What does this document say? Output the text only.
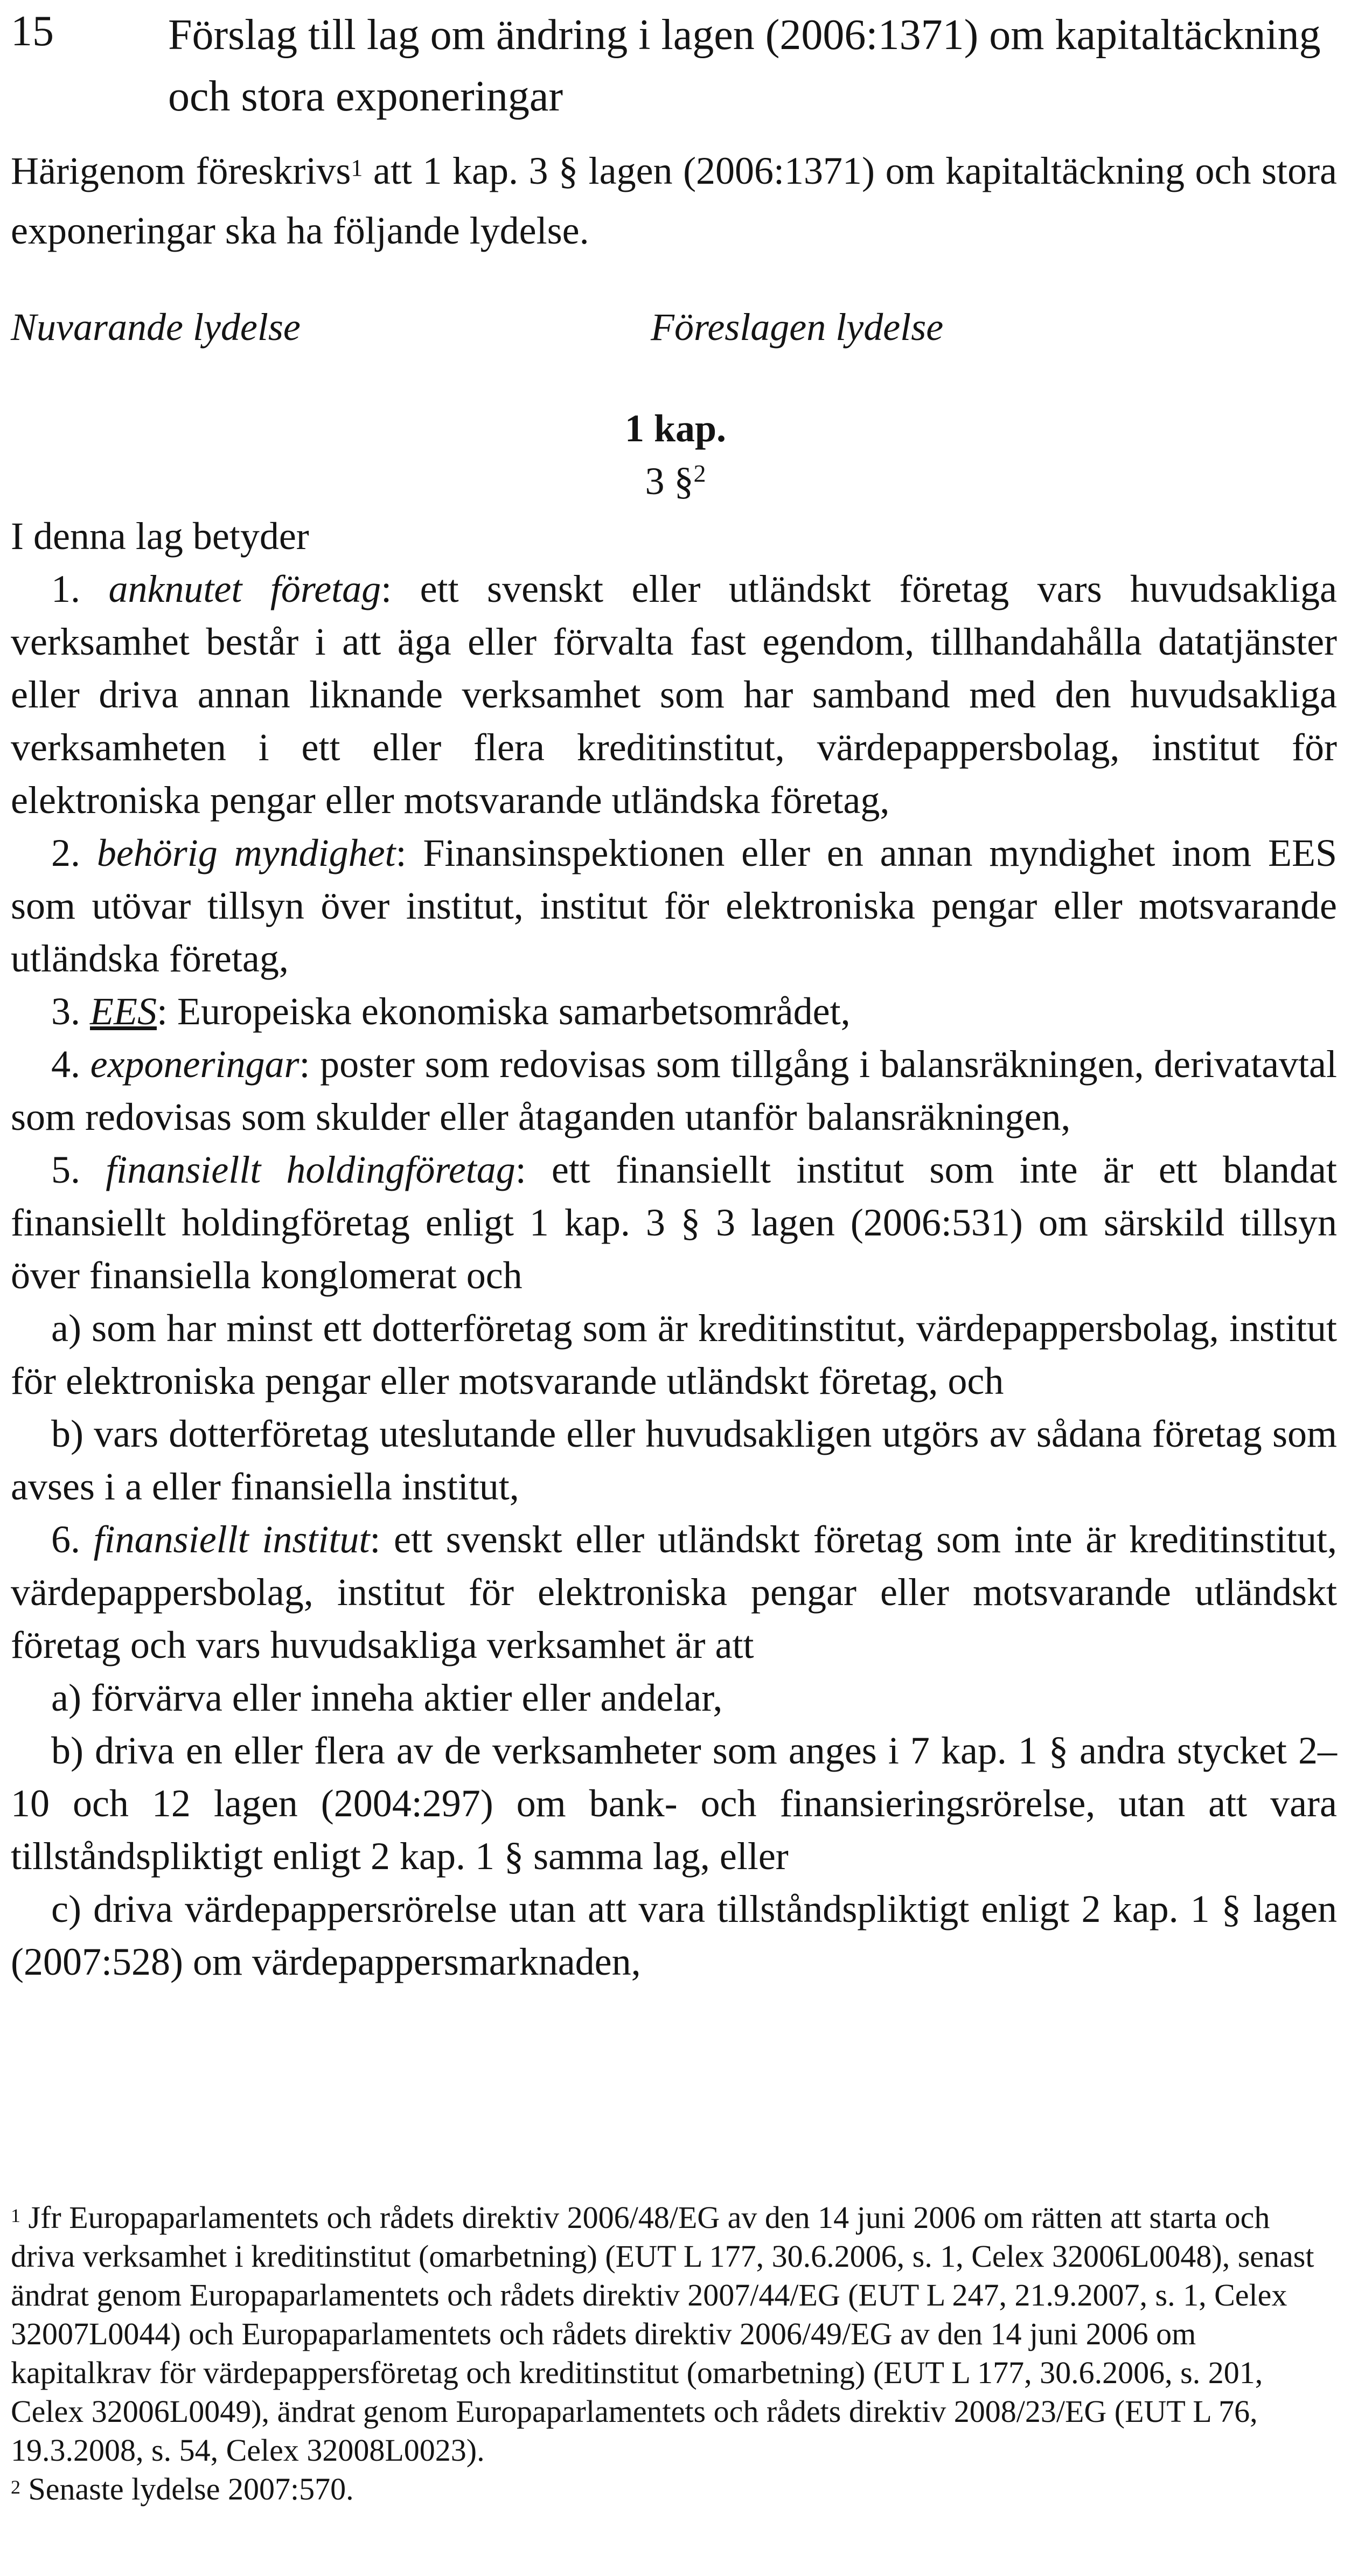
15	Förslag till lag om ändring i lagen (2006:1371) om kapitaltäckning och stora exponeringar
Härigenom föreskrivs$^1$ att 1 kap. 3 § lagen (2006:1371) om kapitaltäckning och stora exponeringar ska ha följande lydelse.
Nuvarande lydelse	Föreslagen lydelse
1 kap.
3 §$^2$

I denna lag betyder

1. anknutet företag: ett svenskt eller utländskt företag vars huvudsakliga verksamhet består i att äga eller förvalta fast egendom, tillhandahålla datatjänster eller driva annan liknande verksamhet som har samband med den huvudsakliga verksamheten i ett eller flera kreditinstitut, värdepappersbolag, institut för elektroniska pengar eller motsvarande utländska företag,

2. behörig myndighet: Finansinspektionen eller en annan myndighet inom EES som utövar tillsyn över institut, institut för elektroniska pengar eller motsvarande utländska företag,

3. EES: Europeiska ekonomiska samarbetsområdet,

4. exponeringar: poster som redovisas som tillgång i balansräkningen, derivatavtal som redovisas som skulder eller åtaganden utanför balansräkningen,

5. finansiellt holdingföretag: ett finansiellt institut som inte är ett blandat finansiellt holdingföretag enligt 1 kap. 3 § 3 lagen (2006:531) om särskild tillsyn över finansiella konglomerat och

a) som har minst ett dotterföretag som är kreditinstitut, värdepappersbolag, institut för elektroniska pengar eller motsvarande utländskt företag, och

b) vars dotterföretag uteslutande eller huvudsakligen utgörs av sådana företag som avses i a eller finansiella institut,

6. finansiellt institut: ett svenskt eller utländskt företag som inte är kreditinstitut, värdepappersbolag, institut för elektroniska pengar eller motsvarande utländskt företag och vars huvudsakliga verksamhet är att

a) förvärva eller inneha aktier eller andelar,

b) driva en eller flera av de verksamheter som anges i 7 kap. 1 § andra stycket 2–10 och 12 lagen (2004:297) om bank- och finansieringsrörelse, utan att vara tillståndspliktigt enligt 2 kap. 1 § samma lag, eller

c) driva värdepappersrörelse utan att vara tillståndspliktigt enligt 2 kap. 1 § lagen (2007:528) om värdepappersmarknaden,

$^1$ Jfr Europaparlamentets och rådets direktiv 2006/48/EG av den 14 juni 2006 om rätten att starta och driva verksamhet i kreditinstitut (omarbetning) (EUT L 177, 30.6.2006, s. 1, Celex 32006L0048), senast ändrat genom Europaparlamentets och rådets direktiv 2007/44/EG (EUT L 247, 21.9.2007, s. 1, Celex 32007L0044) och Europaparlamentets och rådets direktiv 2006/49/EG av den 14 juni 2006 om kapitalkrav för värdepappersföretag och kreditinstitut (omarbetning) (EUT L 177, 30.6.2006, s. 201, Celex 32006L0049), ändrat genom Europaparlamentets och rådets direktiv 2008/23/EG (EUT L 76, 19.3.2008, s. 54, Celex 32008L0023).

$^2$ Senaste lydelse 2007:570.
